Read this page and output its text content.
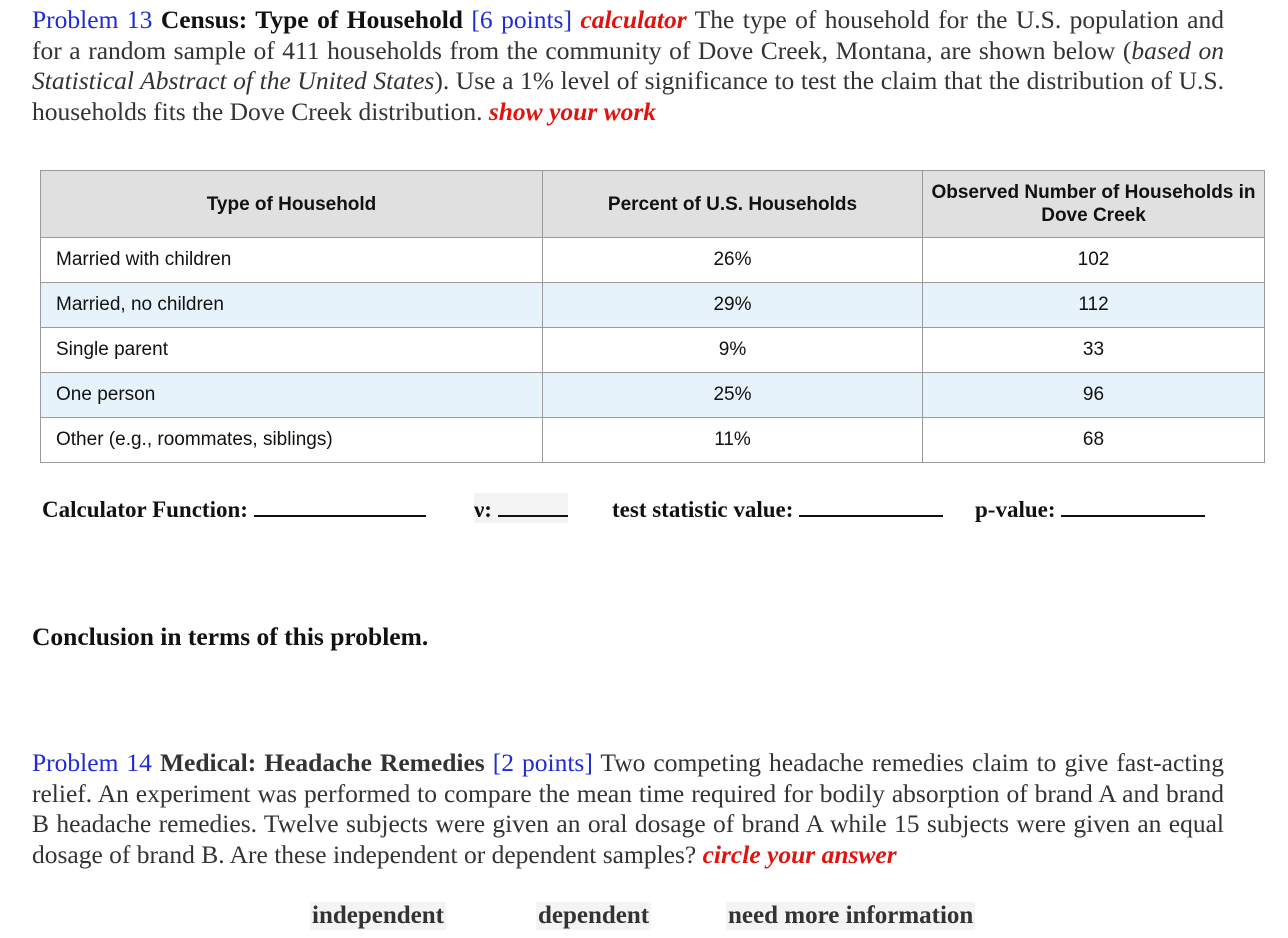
Problem 13 Census: Type of Household [6 points] calculator The type of household for the U.S. population and for a random sample of 411 households from the community of Dove Creek, Montana, are shown below (based on Statistical Abstract of the United States). Use a 1% level of significance to test the claim that the distribution of U.S. households fits the Dove Creek distribution. show your work
Type of Household	Percent of U.S. Households	Observed Number of Households in Dove Creek
Married with children	26%	102
Married, no children	29%	112
Single parent	9%	33
One person	25%	96
Other (e.g., roommates, siblings)	11%	68
Calculator Function:	ν:	test statistic value:	p-value:
Conclusion in terms of this problem.
Problem 14 Medical: Headache Remedies [2 points] Two competing headache remedies claim to give fast-acting relief. An experiment was performed to compare the mean time required for bodily absorption of brand A and brand B headache remedies. Twelve subjects were given an oral dosage of brand A while 15 subjects were given an equal dosage of brand B. Are these independent or dependent samples? circle your answer
independent	dependent	need more information
